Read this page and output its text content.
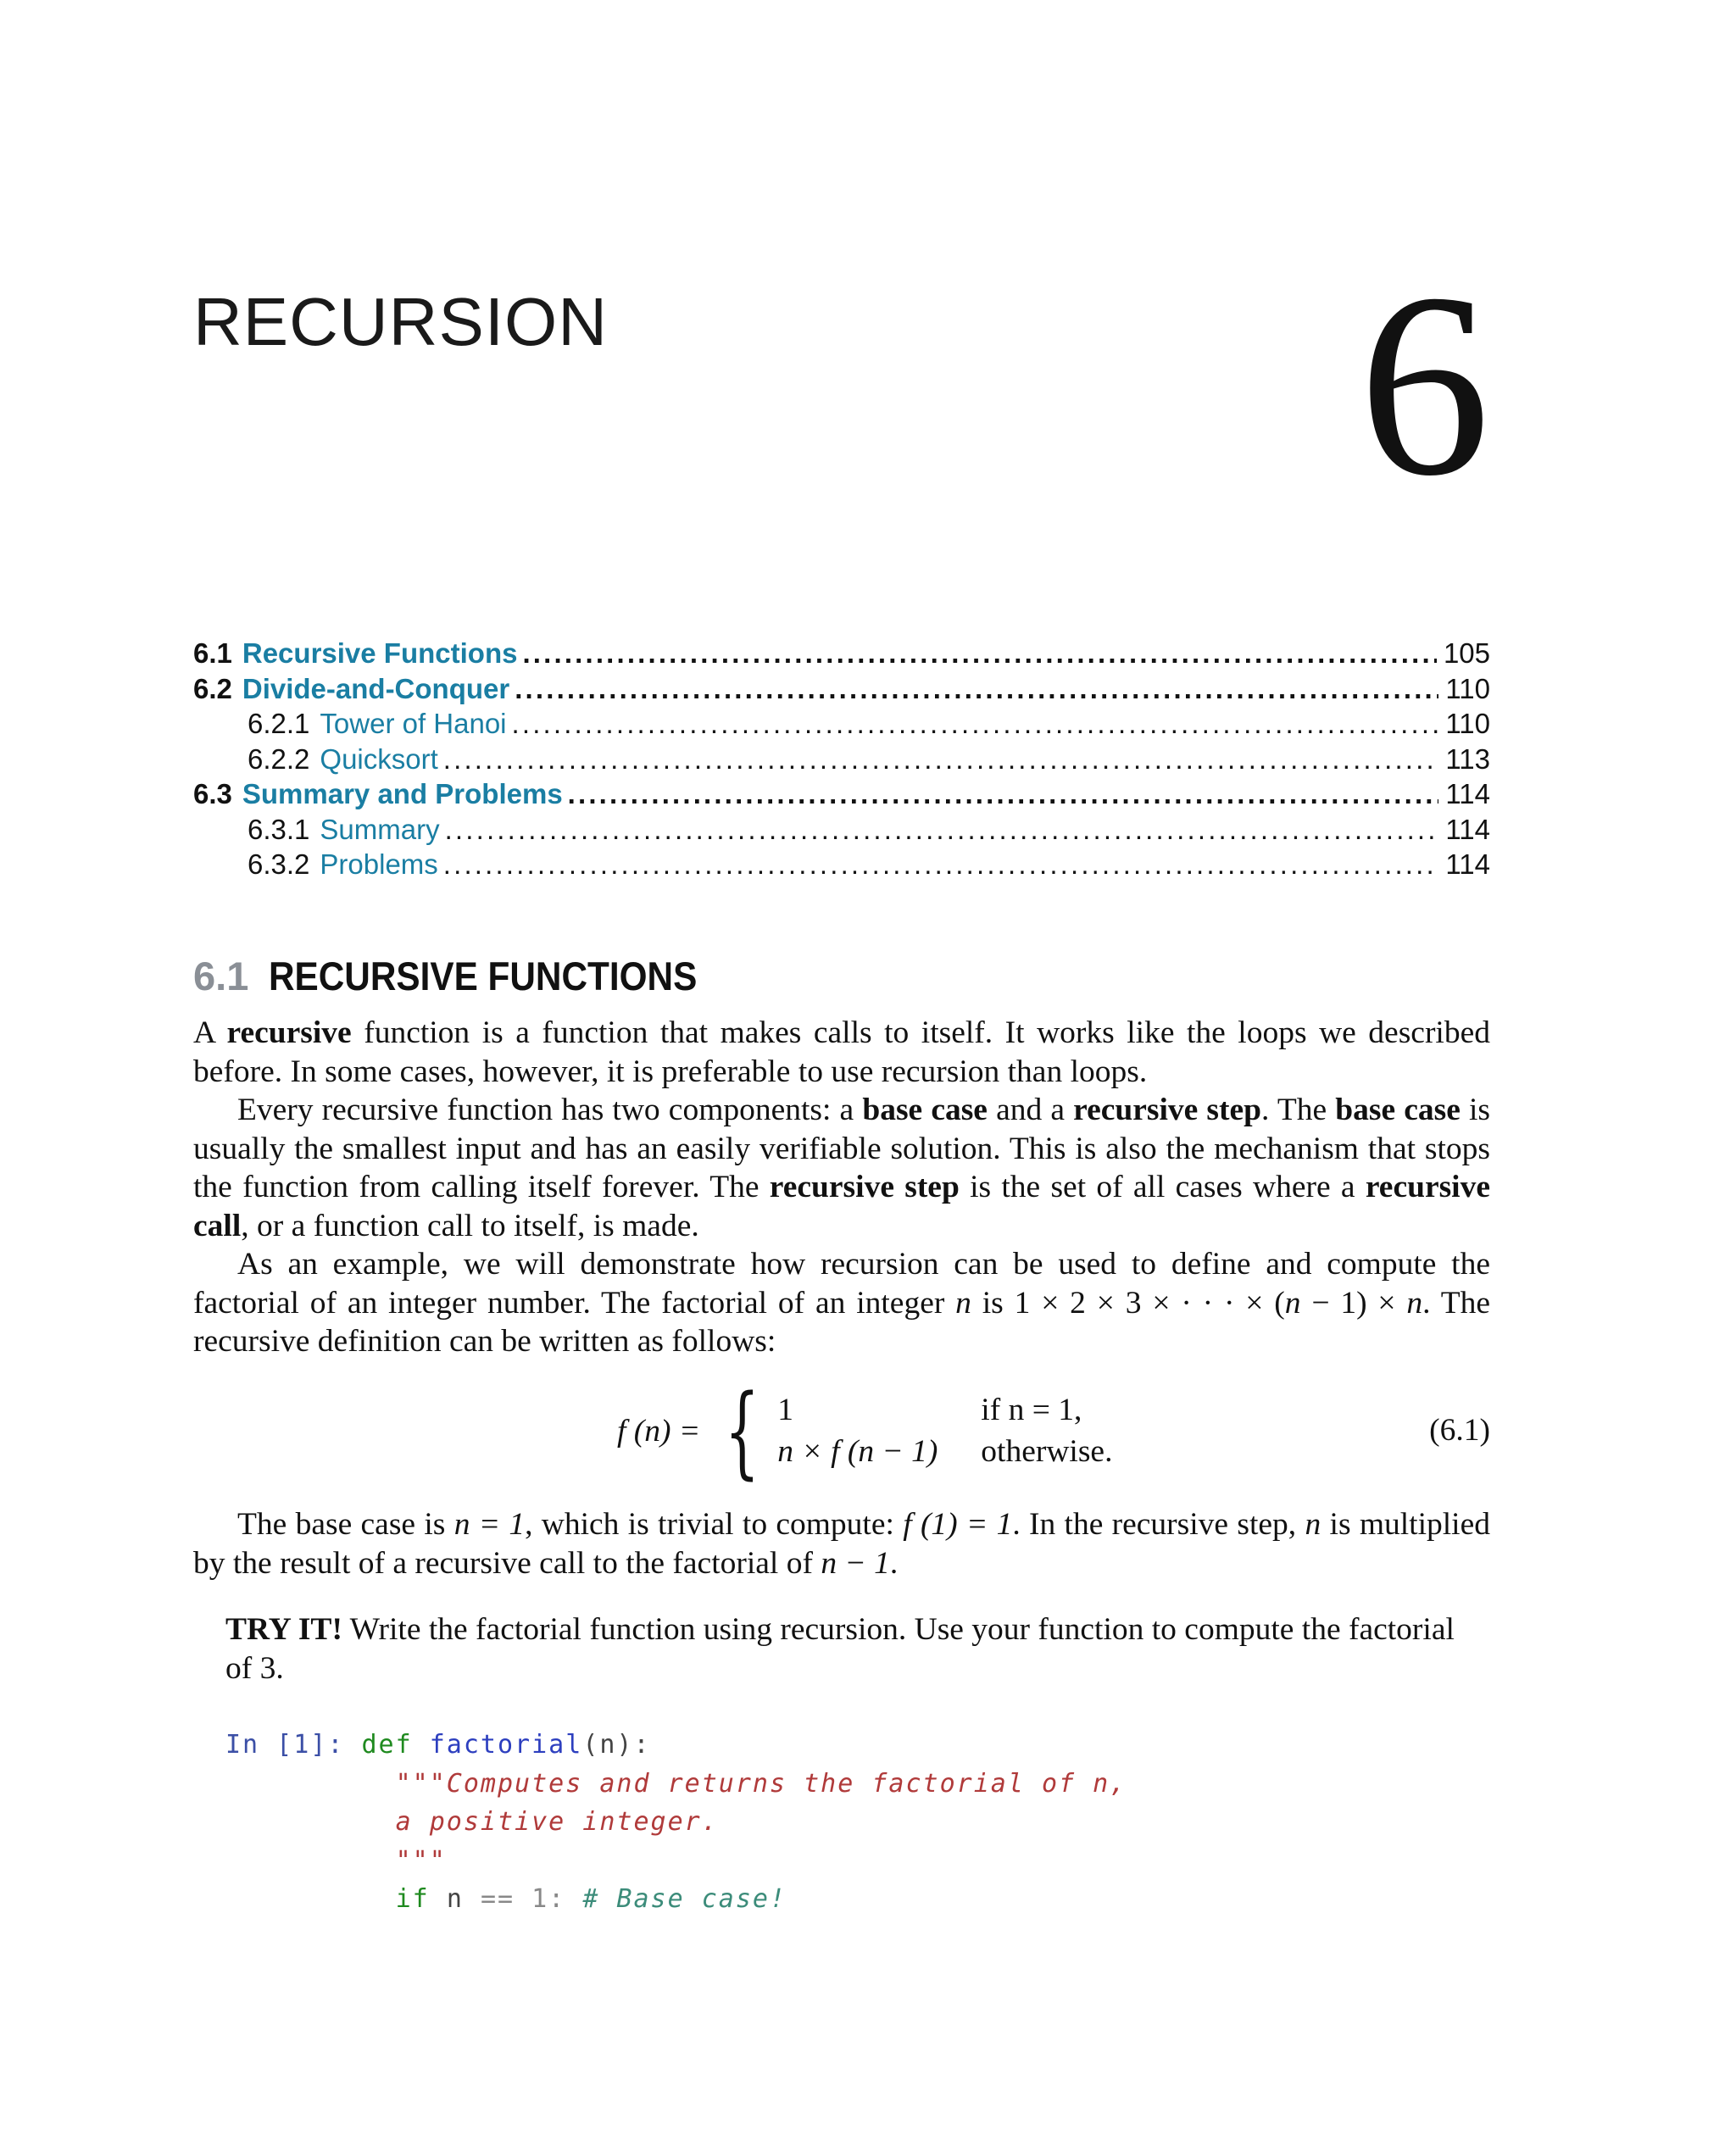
RECURSION	6
6.1 Recursive Functions . . .	105
6.2 Divide-and-Conquer . . .	110
6.2.1 Tower of Hanoi . . .	110
6.2.2 Quicksort . . .	113
6.3 Summary and Problems . . .	114
6.3.1 Summary . . .	114
6.3.2 Problems . . .	114
6.1 RECURSIVE FUNCTIONS

A recursive function is a function that makes calls to itself. It works like the loops we described before. In some cases, however, it is preferable to use recursion than loops.

Every recursive function has two components: a base case and a recursive step. The base case is usually the smallest input and has an easily verifiable solution. This is also the mechanism that stops the function from calling itself forever. The recursive step is the set of all cases where a recursive call, or a function call to itself, is made.

As an example, we will demonstrate how recursion can be used to define and compute the factorial of an integer number. The factorial of an integer n is 1 × 2 × 3 × · · · × (n − 1) × n. The recursive definition can be written as follows:

f (n) = { 1	if n = 1,
n × f (n − 1)	otherwise.
(6.1)

The base case is n = 1, which is trivial to compute: f (1) = 1. In the recursive step, n is multiplied by the result of a recursive call to the factorial of n − 1.

TRY IT! Write the factorial function using recursion. Use your function to compute the factorial of 3.
In [1]: def factorial(n):
"""Computes and returns the factorial of n,
a positive integer.
"""
if n == 1: # Base case!
